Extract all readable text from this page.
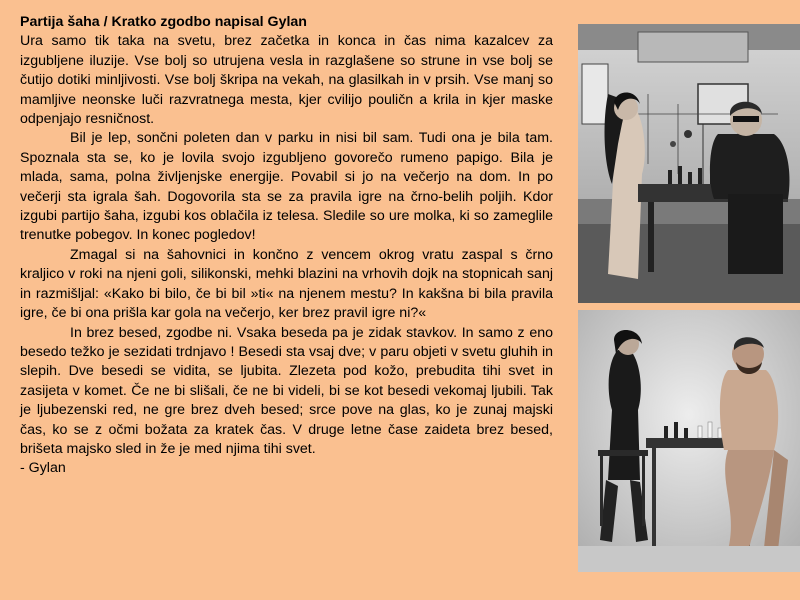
Partija šaha / Kratko zgodbo napisal Gylan

Ura samo tik taka na svetu, brez začetka in konca in čas nima kazalcev za izgubljene iluzije. Vse bolj so utrujena vesla in razglašene so strune in vse bolj se čutijo dotiki minljivosti. Vse bolj škripa na vekah, na glasilkah in v prsih. Vse manj so mamljive neonske luči razvratnega mesta, kjer cvilijo pouličn a krila in kjer maske odpenjajo resničnost.

Bil je lep, sončni poleten dan v parku in nisi bil sam. Tudi ona je bila tam. Spoznala sta se, ko je lovila svojo izgubljeno govorečo rumeno papigo. Bila je mlada, sama, polna življenjske energije. Povabil si jo na večerjo na dom. In po večerji sta igrala šah. Dogovorila sta se za pravila igre na črno-belih poljih. Kdor izgubi partijo šaha, izgubi kos oblačila iz telesa. Sledile so ure molka, ki so zameglile trenutke pobegov. In konec pogledov!

Zmagal si na šahovnici in končno z vencem okrog vratu zaspal s črno kraljico v roki na njeni goli, silikonski, mehki blazini na vrhovih dojk na stopnicah sanj in razmišljal: «Kako bi bilo, če bi bil »ti« na njenem mestu? In kakšna bi bila pravila igre, če bi ona prišla kar gola na večerjo, ker brez pravil igre ni?«

In brez besed, zgodbe ni. Vsaka beseda pa je zidak stavkov. In samo z eno besedo težko je sezidati trdnjavo ! Besedi sta vsaj dve; v paru objeti v svetu gluhih in slepih. Dve besedi se vidita, se ljubita. Zlezeta pod kožo, prebudita tihi svet in zasijeta v komet. Če ne bi slišali, če ne bi videli, bi se kot besedi vekomaj ljubili. Tak je ljubezenski red, ne gre brez dveh besed; srce pove na glas, ko je zunaj majski čas, ko se z očmi božata za kratek čas. V druge letne čase zaideta brez besed, brišeta majsko sled in že je med njima tihi svet.

- Gylan
